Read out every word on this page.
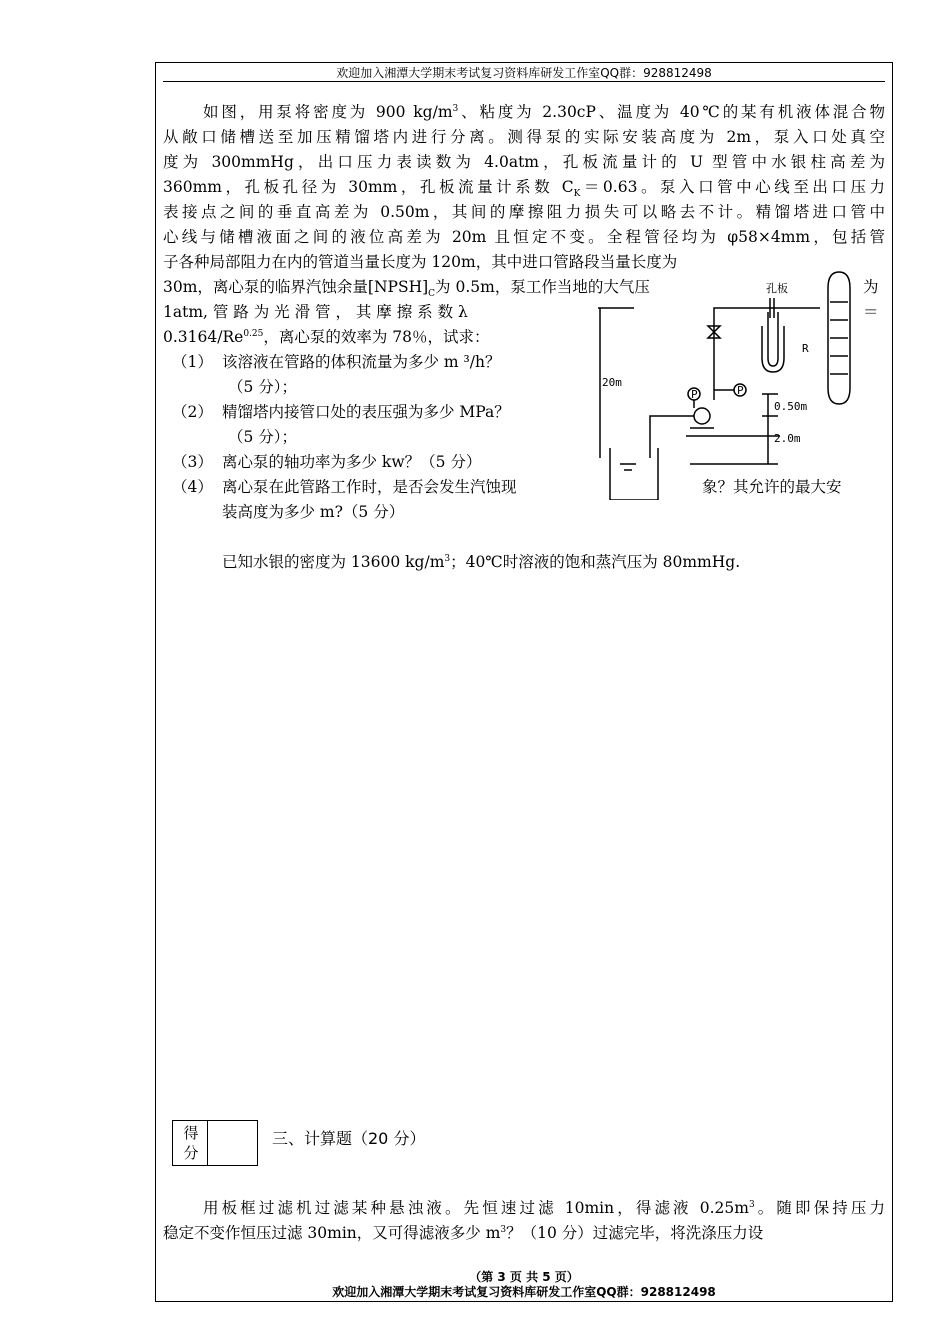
欢迎加入湘潭大学期末考试复习资料库研发工作室QQ群：928812498
如图，用泵将密度为 900 $kg/m^3$、粘度为 2.30cP、温度为 40℃的某有机液体混合物
从敞口储槽送至加压精馏塔内进行分离。测得泵的实际安装高度为 2m，泵入口处真空
度为 300mmHg，出口压力表读数为 4.0atm，孔板流量计的 U 型管中水银柱高差为
360mm，孔板孔径为 30mm，孔板流量计系数 $C_K=0.63$。泵入口管中心线至出口压力
表接点之间的垂直高差为 0.50m，其间的摩擦阻力损失可以略去不计。精馏塔进口管中
心线与储槽液面之间的液位高差为 20m 且恒定不变。全程管径均为 φ58×4mm，包括管
子各种局部阻力在内的管道当量长度为 120m，其中进口管路段当量长度为
30m，离心泵的临界汽蚀余量$[NPSH]_C$为 0.5m，泵工作当地的大气压	为
1atm, 管 路 为 光 滑 管 ， 其 摩 擦 系 数 λ	＝
$0.3164/Re^{0.25}$，离心泵的效率为 78％，试求：
（1） 该溶液在管路的体积流量为多少 m ³/h？
（5 分）；
（2） 精馏塔内接管口处的表压强为多少 MPa？
（5 分）；
（3） 离心泵的轴功率为多少 kw？（5 分）
（4） 离心泵在此管路工作时，是否会发生汽蚀现	象？其允许的最大安
装高度为多少 m?（5 分）
孔板
R
20m
0.50m
2.0m
P	P
已知水银的密度为 13600 $kg/m^3$；40℃时溶液的饱和蒸汽压为 80mmHg.
得
分
三、计算题（20 分）
用板框过滤机过滤某种悬浊液。先恒速过滤 10min，得滤液 $0.25m^3$。随即保持压力
稳定不变作恒压过滤 30min，又可得滤液多少 $m^3$？（10 分）过滤完毕，将洗涤压力设
（第 3 页 共 5 页）
欢迎加入湘潭大学期末考试复习资料库研发工作室QQ群：928812498
